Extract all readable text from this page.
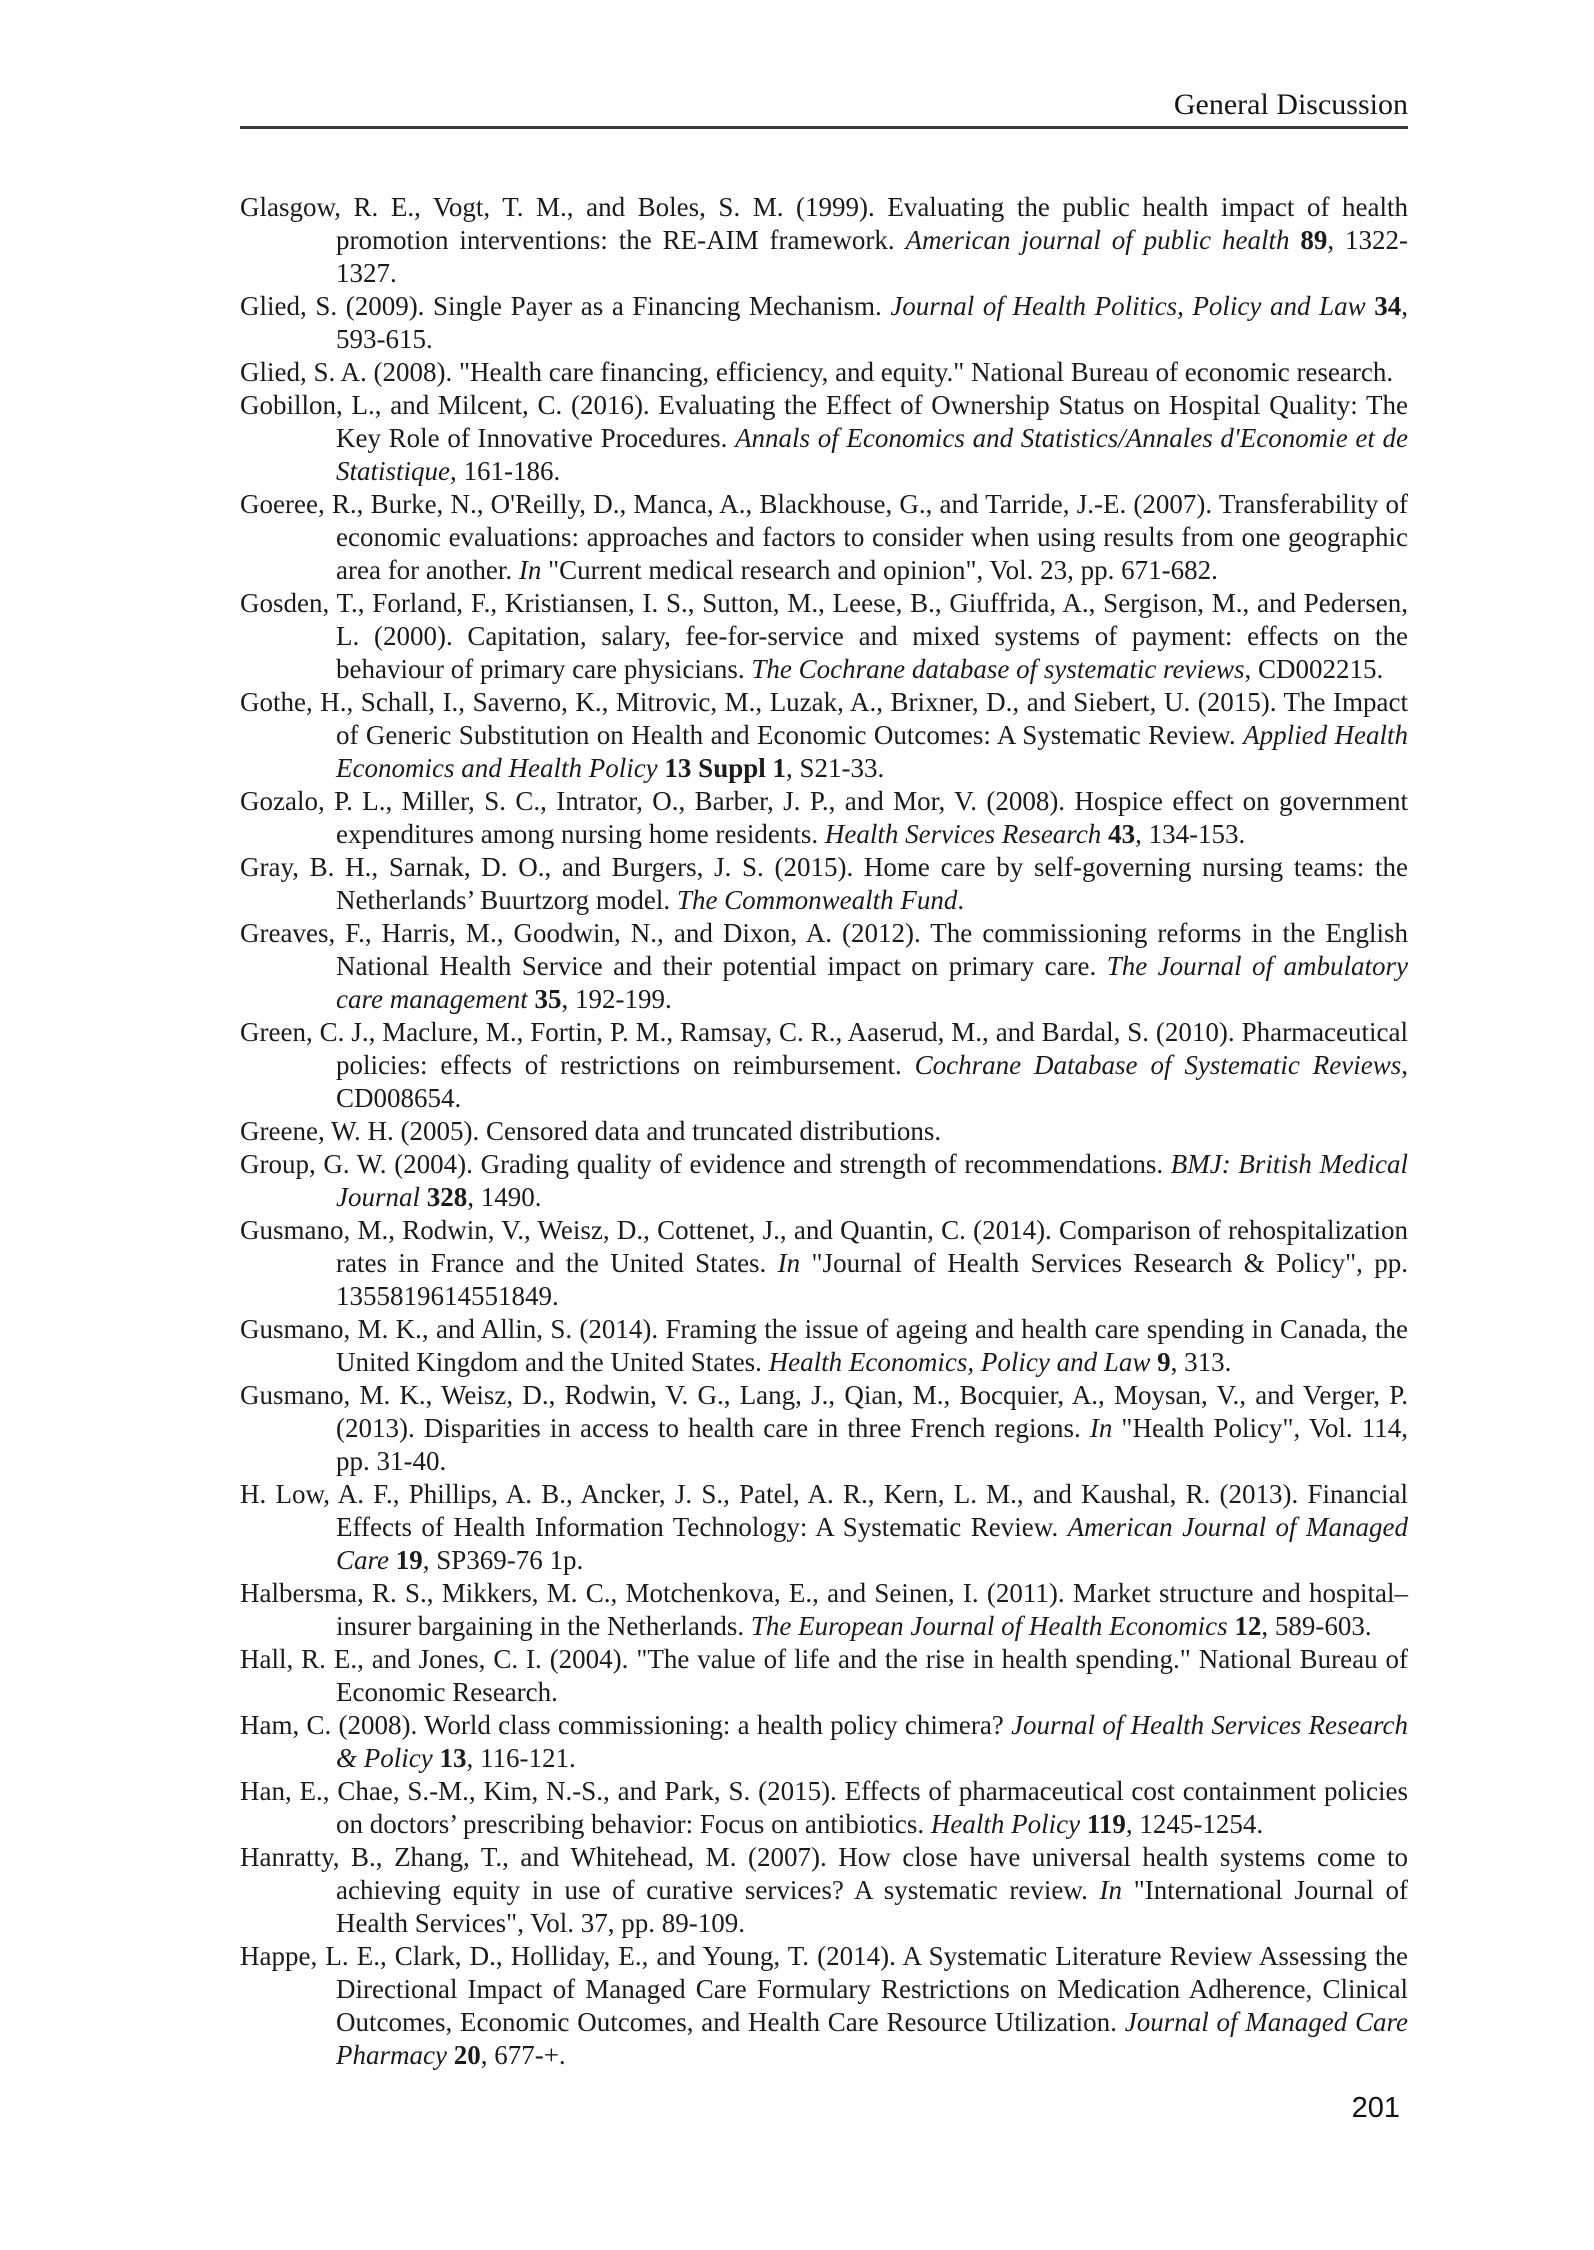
General Discussion

Glasgow, R. E., Vogt, T. M., and Boles, S. M. (1999). Evaluating the public health impact of health promotion interventions: the RE-AIM framework. American journal of public health 89, 1322-1327.

Glied, S. (2009). Single Payer as a Financing Mechanism. Journal of Health Politics, Policy and Law 34, 593-615.

Glied, S. A. (2008). "Health care financing, efficiency, and equity." National Bureau of economic research.

Gobillon, L., and Milcent, C. (2016). Evaluating the Effect of Ownership Status on Hospital Quality: The Key Role of Innovative Procedures. Annals of Economics and Statistics/Annales d'Economie et de Statistique, 161-186.

Goeree, R., Burke, N., O'Reilly, D., Manca, A., Blackhouse, G., and Tarride, J.-E. (2007). Transferability of economic evaluations: approaches and factors to consider when using results from one geographic area for another. In "Current medical research and opinion", Vol. 23, pp. 671-682.

Gosden, T., Forland, F., Kristiansen, I. S., Sutton, M., Leese, B., Giuffrida, A., Sergison, M., and Pedersen, L. (2000). Capitation, salary, fee-for-service and mixed systems of payment: effects on the behaviour of primary care physicians. The Cochrane database of systematic reviews, CD002215.

Gothe, H., Schall, I., Saverno, K., Mitrovic, M., Luzak, A., Brixner, D., and Siebert, U. (2015). The Impact of Generic Substitution on Health and Economic Outcomes: A Systematic Review. Applied Health Economics and Health Policy 13 Suppl 1, S21-33.

Gozalo, P. L., Miller, S. C., Intrator, O., Barber, J. P., and Mor, V. (2008). Hospice effect on government expenditures among nursing home residents. Health Services Research 43, 134-153.

Gray, B. H., Sarnak, D. O., and Burgers, J. S. (2015). Home care by self-governing nursing teams: the Netherlands’ Buurtzorg model. The Commonwealth Fund.

Greaves, F., Harris, M., Goodwin, N., and Dixon, A. (2012). The commissioning reforms in the English National Health Service and their potential impact on primary care. The Journal of ambulatory care management 35, 192-199.

Green, C. J., Maclure, M., Fortin, P. M., Ramsay, C. R., Aaserud, M., and Bardal, S. (2010). Pharmaceutical policies: effects of restrictions on reimbursement. Cochrane Database of Systematic Reviews, CD008654.

Greene, W. H. (2005). Censored data and truncated distributions.

Group, G. W. (2004). Grading quality of evidence and strength of recommendations. BMJ: British Medical Journal 328, 1490.

Gusmano, M., Rodwin, V., Weisz, D., Cottenet, J., and Quantin, C. (2014). Comparison of rehospitalization rates in France and the United States. In "Journal of Health Services Research & Policy", pp. 1355819614551849.

Gusmano, M. K., and Allin, S. (2014). Framing the issue of ageing and health care spending in Canada, the United Kingdom and the United States. Health Economics, Policy and Law 9, 313.

Gusmano, M. K., Weisz, D., Rodwin, V. G., Lang, J., Qian, M., Bocquier, A., Moysan, V., and Verger, P. (2013). Disparities in access to health care in three French regions. In "Health Policy", Vol. 114, pp. 31-40.

H. Low, A. F., Phillips, A. B., Ancker, J. S., Patel, A. R., Kern, L. M., and Kaushal, R. (2013). Financial Effects of Health Information Technology: A Systematic Review. American Journal of Managed Care 19, SP369-76 1p.

Halbersma, R. S., Mikkers, M. C., Motchenkova, E., and Seinen, I. (2011). Market structure and hospital–insurer bargaining in the Netherlands. The European Journal of Health Economics 12, 589-603.

Hall, R. E., and Jones, C. I. (2004). "The value of life and the rise in health spending." National Bureau of Economic Research.

Ham, C. (2008). World class commissioning: a health policy chimera? Journal of Health Services Research & Policy 13, 116-121.

Han, E., Chae, S.-M., Kim, N.-S., and Park, S. (2015). Effects of pharmaceutical cost containment policies on doctors’ prescribing behavior: Focus on antibiotics. Health Policy 119, 1245-1254.

Hanratty, B., Zhang, T., and Whitehead, M. (2007). How close have universal health systems come to achieving equity in use of curative services? A systematic review. In "International Journal of Health Services", Vol. 37, pp. 89-109.

Happe, L. E., Clark, D., Holliday, E., and Young, T. (2014). A Systematic Literature Review Assessing the Directional Impact of Managed Care Formulary Restrictions on Medication Adherence, Clinical Outcomes, Economic Outcomes, and Health Care Resource Utilization. Journal of Managed Care Pharmacy 20, 677-+.

201
